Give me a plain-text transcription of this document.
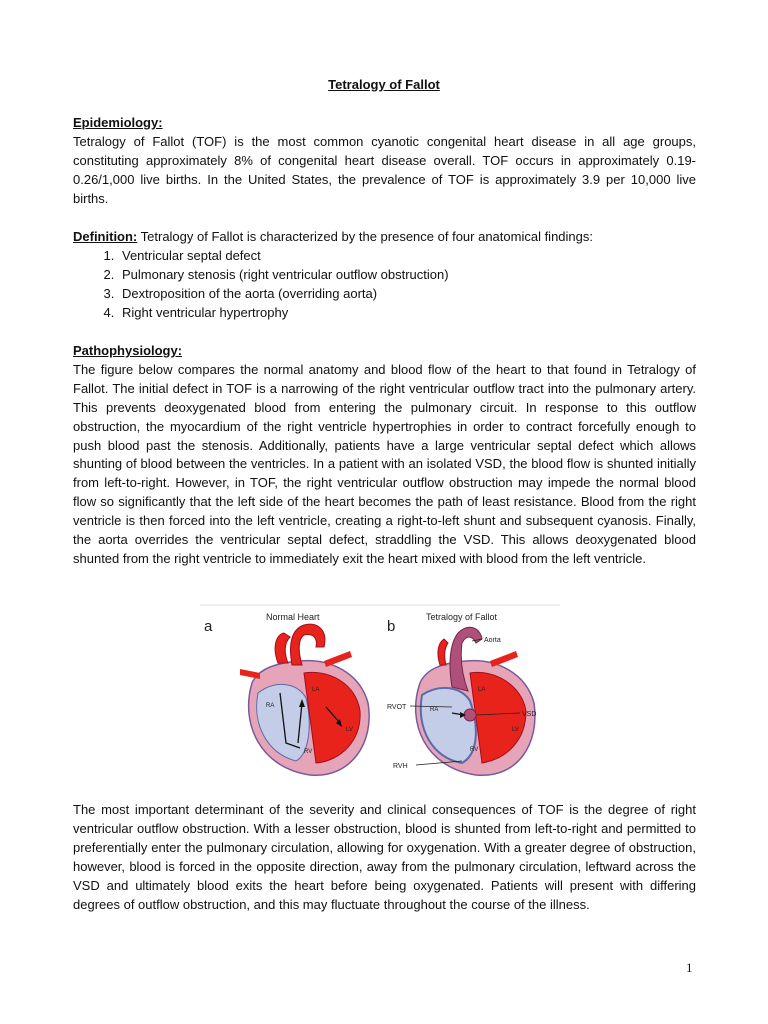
Tetralogy of Fallot
Epidemiology:
Tetralogy of Fallot (TOF) is the most common cyanotic congenital heart disease in all age groups, constituting approximately 8% of congenital heart disease overall. TOF occurs in approximately 0.19-0.26/1,000 live births. In the United States, the prevalence of TOF is approximately 3.9 per 10,000 live births.
Definition: Tetralogy of Fallot is characterized by the presence of four anatomical findings:
1. Ventricular septal defect
2. Pulmonary stenosis (right ventricular outflow obstruction)
3. Dextroposition of the aorta (overriding aorta)
4. Right ventricular hypertrophy
Pathophysiology:
The figure below compares the normal anatomy and blood flow of the heart to that found in Tetralogy of Fallot. The initial defect in TOF is a narrowing of the right ventricular outflow tract into the pulmonary artery. This prevents deoxygenated blood from entering the pulmonary circuit. In response to this outflow obstruction, the myocardium of the right ventricle hypertrophies in order to contract forcefully enough to push blood past the stenosis. Additionally, patients have a large ventricular septal defect which allows shunting of blood between the ventricles. In a patient with an isolated VSD, the blood flow is shunted initially from left-to-right. However, in TOF, the right ventricular outflow obstruction may impede the normal blood flow so significantly that the left side of the heart becomes the path of least resistance. Blood from the right ventricle is then forced into the left ventricle, creating a right-to-left shunt and subsequent cyanosis. Finally, the aorta overrides the ventricular septal defect, straddling the VSD. This allows deoxygenated blood shunted from the right ventricle to immediately exit the heart mixed with blood from the left ventricle.
a
Normal Heart
RA
LA
RV
LV
b
Tetralogy of Fallot
Aorta
RVOT
VSD
RVH
RA
LA
RV
LV
The most important determinant of the severity and clinical consequences of TOF is the degree of right ventricular outflow obstruction. With a lesser obstruction, blood is shunted from left-to-right and permitted to preferentially enter the pulmonary circulation, allowing for oxygenation. With a greater degree of obstruction, however, blood is forced in the opposite direction, away from the pulmonary circulation, leftward across the VSD and ultimately blood exits the heart before being oxygenated. Patients will present with differing degrees of outflow obstruction, and this may fluctuate throughout the course of the illness.
1
